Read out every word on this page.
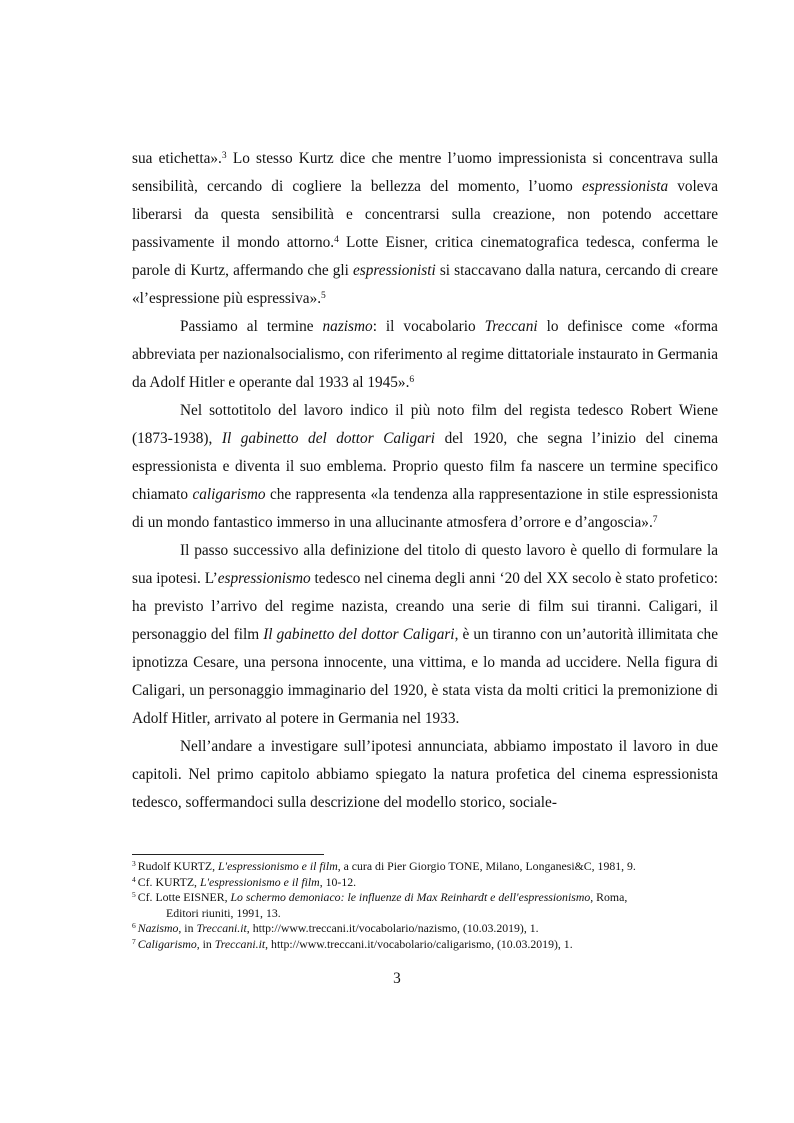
sua etichetta».$^3$ Lo stesso Kurtz dice che mentre l’uomo impressionista si concentrava sulla sensibilità, cercando di cogliere la bellezza del momento, l’uomo espressionista voleva liberarsi da questa sensibilità e concentrarsi sulla creazione, non potendo accettare passivamente il mondo attorno.$^4$ Lotte Eisner, critica cinematografica tedesca, conferma le parole di Kurtz, affermando che gli espressionisti si staccavano dalla natura, cercando di creare «l’espressione più espressiva».$^5$

Passiamo al termine nazismo: il vocabolario Treccani lo definisce come «forma abbreviata per nazionalsocialismo, con riferimento al regime dittatoriale instaurato in Germania da Adolf Hitler e operante dal 1933 al 1945».$^6$

Nel sottotitolo del lavoro indico il più noto film del regista tedesco Robert Wiene (1873-1938), Il gabinetto del dottor Caligari del 1920, che segna l’inizio del cinema espressionista e diventa il suo emblema. Proprio questo film fa nascere un termine specifico chiamato caligarismo che rappresenta «la tendenza alla rappresentazione in stile espressionista di un mondo fantastico immerso in una allucinante atmosfera d’orrore e d’angoscia».$^7$

Il passo successivo alla definizione del titolo di questo lavoro è quello di formulare la sua ipotesi. L’espressionismo tedesco nel cinema degli anni ‘20 del XX secolo è stato profetico: ha previsto l’arrivo del regime nazista, creando una serie di film sui tiranni. Caligari, il personaggio del film Il gabinetto del dottor Caligari, è un tiranno con un’autorità illimitata che ipnotizza Cesare, una persona innocente, una vittima, e lo manda ad uccidere. Nella figura di Caligari, un personaggio immaginario del 1920, è stata vista da molti critici la premonizione di Adolf Hitler, arrivato al potere in Germania nel 1933.

Nell’andare a investigare sull’ipotesi annunciata, abbiamo impostato il lavoro in due capitoli. Nel primo capitolo abbiamo spiegato la natura profetica del cinema espressionista tedesco, soffermandoci sulla descrizione del modello storico, sociale-

$^3$ Rudolf KURTZ, L'espressionismo e il film, a cura di Pier Giorgio TONE, Milano, Longanesi&C, 1981, 9.

$^4$ Cf. KURTZ, L'espressionismo e il film, 10-12.

$^5$ Cf. Lotte EISNER, Lo schermo demoniaco: le influenze di Max Reinhardt e dell'espressionismo, Roma,

Editori riuniti, 1991, 13.

$^6$ Nazismo, in Treccani.it, http://www.treccani.it/vocabolario/nazismo, (10.03.2019), 1.

$^7$ Caligarismo, in Treccani.it, http://www.treccani.it/vocabolario/caligarismo, (10.03.2019), 1.

3
